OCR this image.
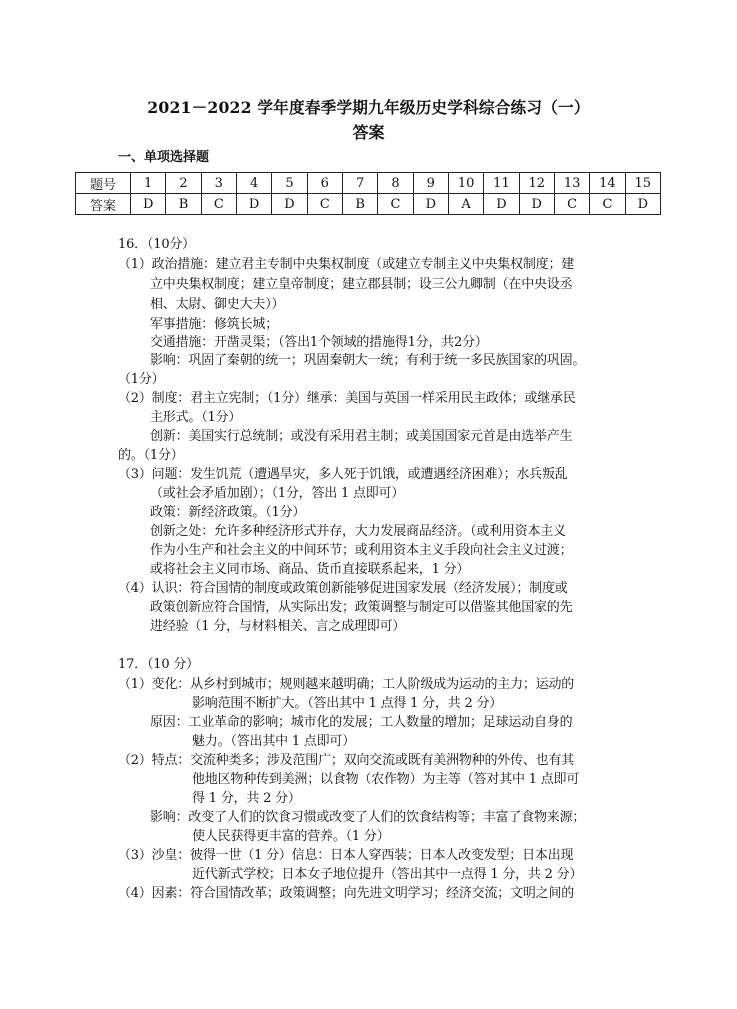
2021－2022 学年度春季学期九年级历史学科综合练习（一）
答案
一、单项选择题
题号	1	2	3	4	5	6	7	8	9	10	11	12	13	14	15
答案	D	B	C	D	D	C	B	C	D	A	D	D	C	C	D
16．（10分）
（1）政治措施：建立君主专制中央集权制度（或建立专制主义中央集权制度；建
立中央集权制度；建立皇帝制度；建立郡县制；设三公九卿制（在中央设丞
相、太尉、御史大夫））
军事措施：修筑长城；
交通措施：开凿灵渠；（答出1个领域的措施得1分，共2分）
影响：巩固了秦朝的统一；巩固秦朝大一统；有利于统一多民族国家的巩固。
（1分）
（2）制度：君主立宪制；（1分）继承：美国与英国一样采用民主政体；或继承民
主形式。（1分）
创新：美国实行总统制；或没有采用君主制；或美国国家元首是由选举产生
的。（1分）
（3）问题：发生饥荒（遭遇旱灾，多人死于饥饿，或遭遇经济困难）；水兵叛乱
（或社会矛盾加剧）；（1分，答出 1 点即可）
政策：新经济政策。（1分）
创新之处：允许多种经济形式并存，大力发展商品经济。（或利用资本主义
作为小生产和社会主义的中间环节；或利用资本主义手段向社会主义过渡；
或将社会主义同市场、商品、货币直接联系起来，1 分）
（4）认识：符合国情的制度或政策创新能够促进国家发展（经济发展）；制度或
政策创新应符合国情，从实际出发；政策调整与制定可以借鉴其他国家的先
进经验（1 分，与材料相关、言之成理即可）
17．（10 分）
（1）变化：从乡村到城市；规则越来越明确；工人阶级成为运动的主力；运动的
影响范围不断扩大。（答出其中 1 点得 1 分，共 2 分）
原因：工业革命的影响；城市化的发展；工人数量的增加；足球运动自身的
魅力。（答出其中 1 点即可）
（2）特点：交流种类多；涉及范围广；双向交流或既有美洲物种的外传、也有其
他地区物种传到美洲；以食物（农作物）为主等（答对其中 1 点即可
得 1 分，共 2 分）
影响：改变了人们的饮食习惯或改变了人们的饮食结构等；丰富了食物来源；
使人民获得更丰富的营养。（1 分）
（3）沙皇：彼得一世（1 分）信息：日本人穿西装；日本人改变发型；日本出现
近代新式学校；日本女子地位提升（答出其中一点得 1 分，共 2 分）
（4）因素：符合国情改革；政策调整；向先进文明学习；经济交流；文明之间的
